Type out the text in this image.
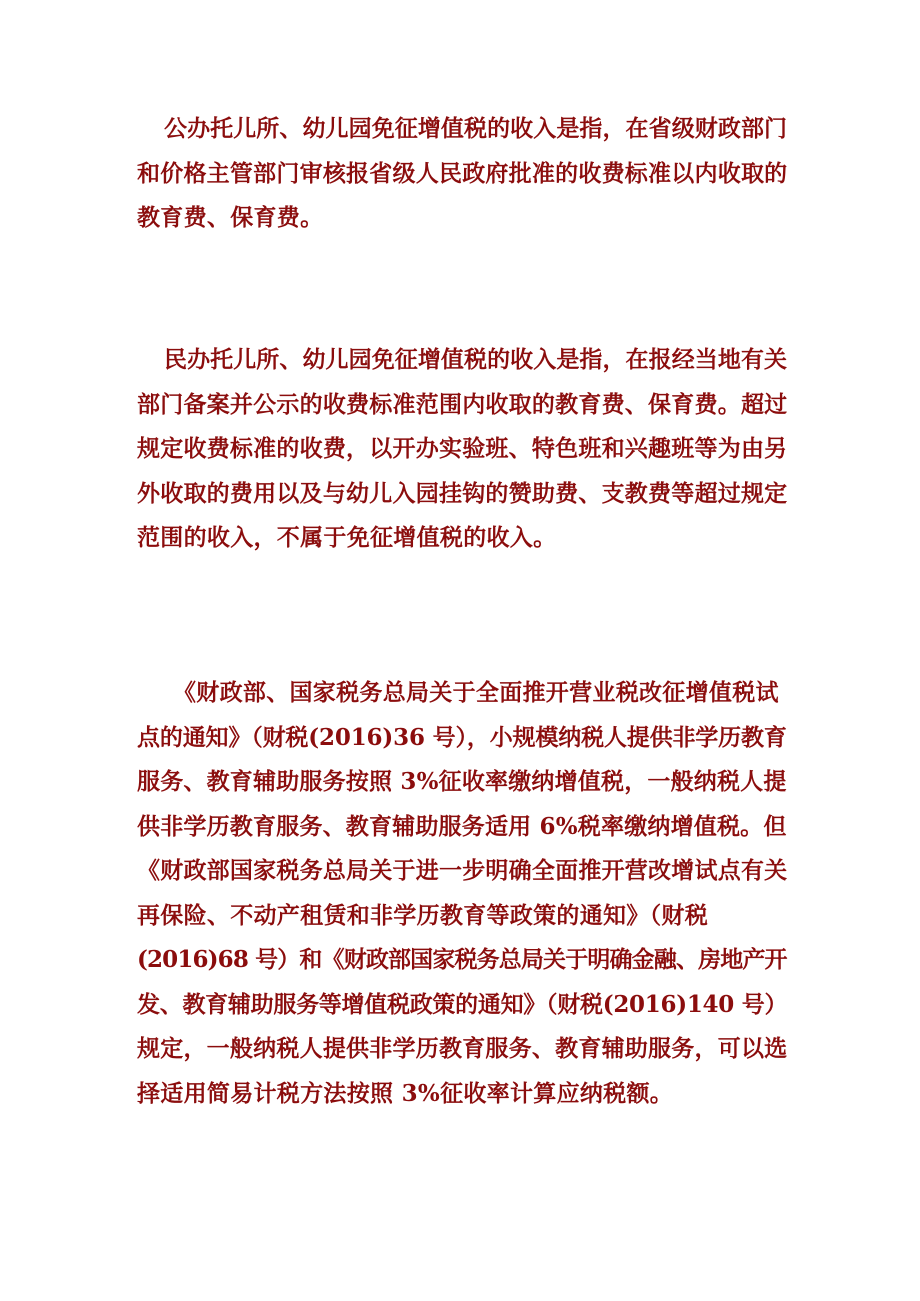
公办托儿所、幼儿园免征增值税的收入是指，在省级财政部门
和价格主管部门审核报省级人民政府批准的收费标准以内收取的
教育费、保育费。
民办托儿所、幼儿园免征增值税的收入是指，在报经当地有关
部门备案并公示的收费标准范围内收取的教育费、保育费。超过
规定收费标准的收费，以开办实验班、特色班和兴趣班等为由另
外收取的费用以及与幼儿入园挂钩的赞助费、支教费等超过规定
范围的收入，不属于免征增值税的收入。
《财政部、国家税务总局关于全面推开营业税改征增值税试
点的通知》（财税(2016)36 号），小规模纳税人提供非学历教育
服务、教育辅助服务按照 3%征收率缴纳增值税，一般纳税人提
供非学历教育服务、教育辅助服务适用 6%税率缴纳增值税。但
《财政部国家税务总局关于进一步明确全面推开营改增试点有关
再保险、不动产租赁和非学历教育等政策的通知》（财税
(2016)68 号）和《财政部国家税务总局关于明确金融、房地产开
发、教育辅助服务等增值税政策的通知》（财税(2016)140 号）
规定，一般纳税人提供非学历教育服务、教育辅助服务，可以选
择适用简易计税方法按照 3%征收率计算应纳税额。
